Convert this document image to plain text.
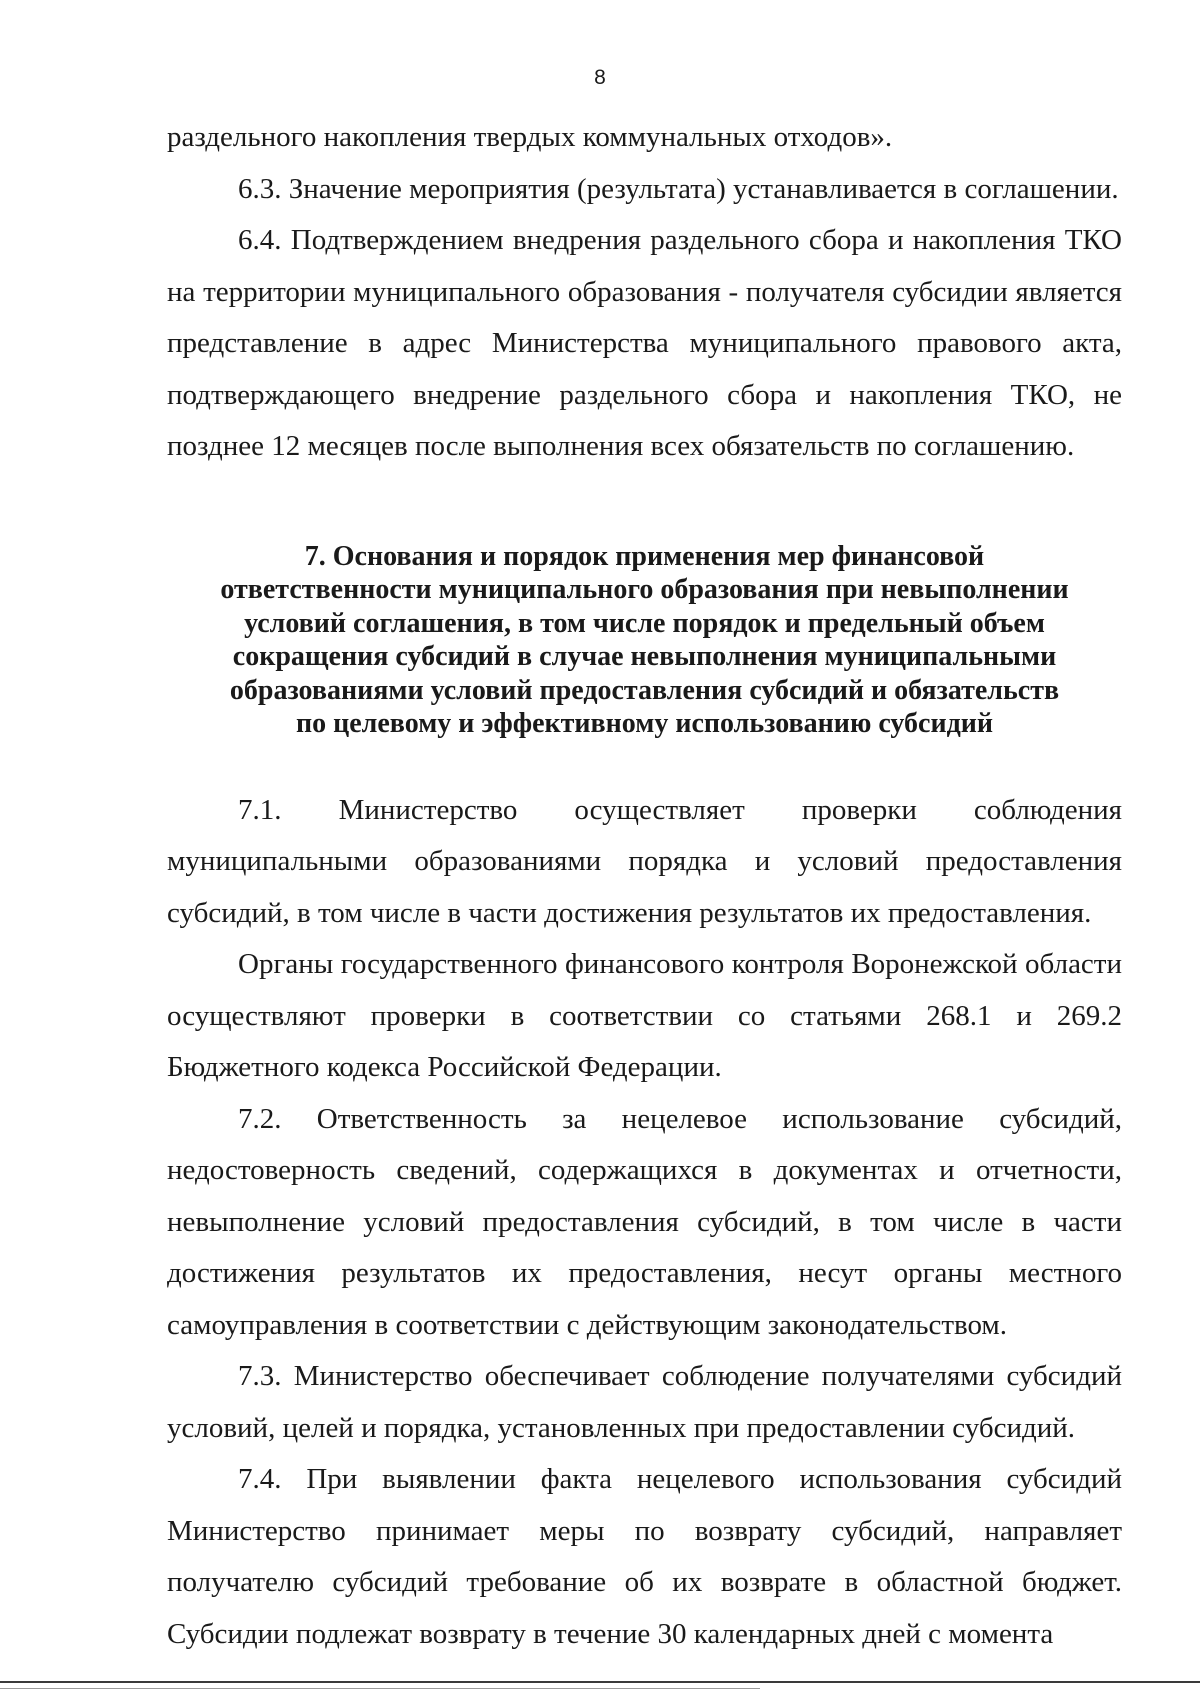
8

раздельного накопления твердых коммунальных отходов».

6.3. Значение мероприятия (результата) устанавливается в соглашении.

6.4. Подтверждением внедрения раздельного сбора и накопления ТКО на территории муниципального образования - получателя субсидии является представление в адрес Министерства муниципального правового акта, подтверждающего внедрение раздельного сбора и накопления ТКО, не позднее 12 месяцев после выполнения всех обязательств по соглашению.

7. Основания и порядок применения мер финансовой
ответственности муниципального образования при невыполнении
условий соглашения, в том числе порядок и предельный объем
сокращения субсидий в случае невыполнения муниципальными
образованиями условий предоставления субсидий и обязательств
по целевому и эффективному использованию субсидий

7.1. Министерство осуществляет проверки соблюдения муниципальными образованиями порядка и условий предоставления субсидий, в том числе в части достижения результатов их предоставления.

Органы государственного финансового контроля Воронежской области осуществляют проверки в соответствии со статьями 268.1 и 269.2 Бюджетного кодекса Российской Федерации.

7.2. Ответственность за нецелевое использование субсидий, недостоверность сведений, содержащихся в документах и отчетности, невыполнение условий предоставления субсидий, в том числе в части достижения результатов их предоставления, несут органы местного самоуправления в соответствии с действующим законодательством.

7.3. Министерство обеспечивает соблюдение получателями субсидий условий, целей и порядка, установленных при предоставлении субсидий.

7.4. При выявлении факта нецелевого использования субсидий Министерство принимает меры по возврату субсидий, направляет получателю субсидий требование об их возврате в областной бюджет. Субсидии подлежат возврату в течение 30 календарных дней с момента
